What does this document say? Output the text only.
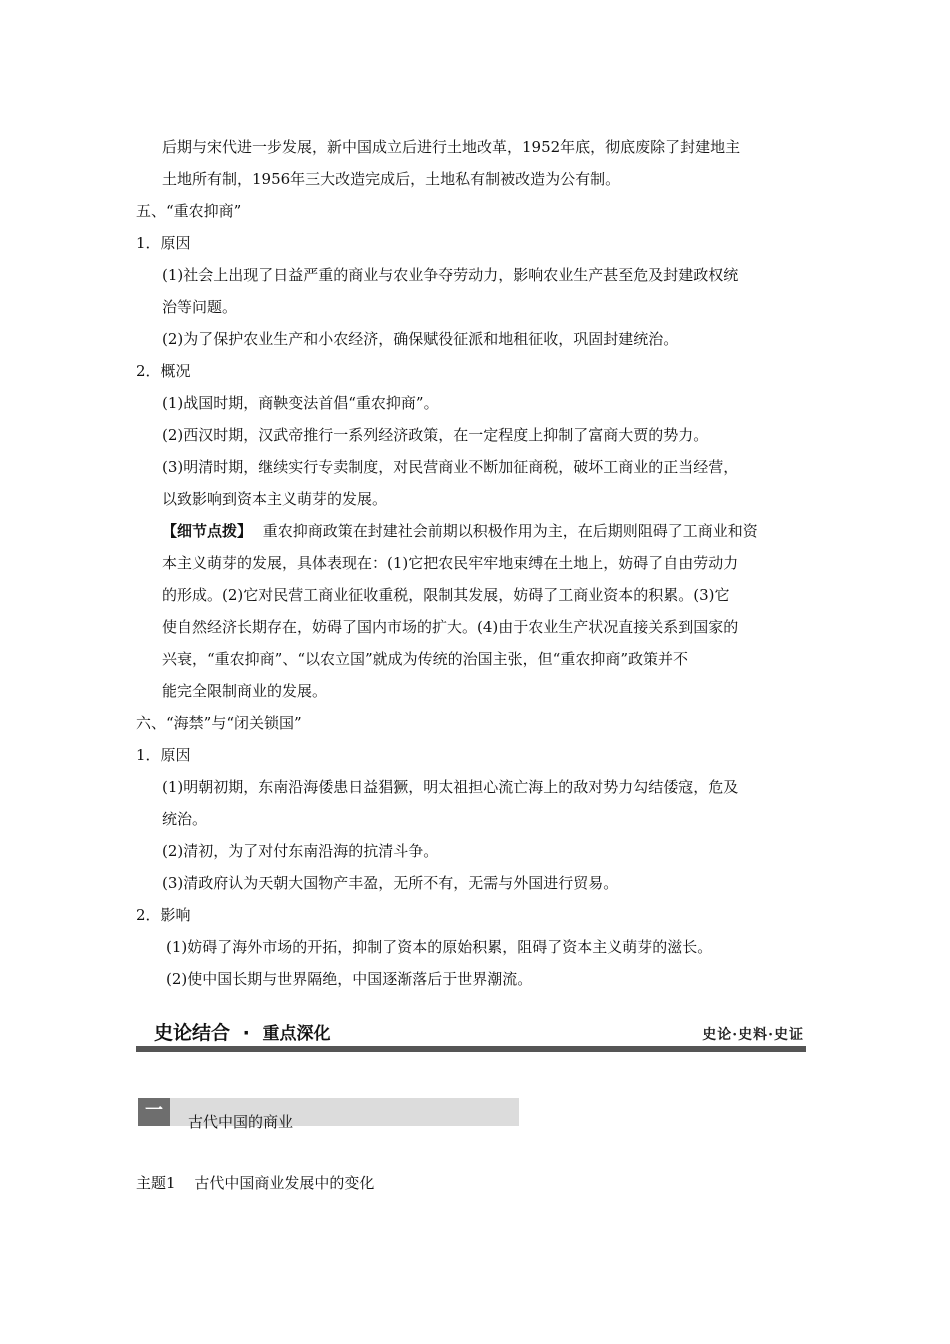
后期与宋代进一步发展，新中国成立后进行土地改革，1952年底，彻底废除了封建地主
土地所有制，1956年三大改造完成后，土地私有制被改造为公有制。
五、“重农抑商”
1．原因
(1)社会上出现了日益严重的商业与农业争夺劳动力，影响农业生产甚至危及封建政权统
治等问题。
(2)为了保护农业生产和小农经济，确保赋役征派和地租征收，巩固封建统治。
2．概况
(1)战国时期，商鞅变法首倡“重农抑商”。
(2)西汉时期，汉武帝推行一系列经济政策，在一定程度上抑制了富商大贾的势力。
(3)明清时期，继续实行专卖制度，对民营商业不断加征商税，破坏工商业的正当经营，
以致影响到资本主义萌芽的发展。
【细节点拨】 重农抑商政策在封建社会前期以积极作用为主，在后期则阻碍了工商业和资
本主义萌芽的发展，具体表现在：(1)它把农民牢牢地束缚在土地上，妨碍了自由劳动力
的形成。(2)它对民营工商业征收重税，限制其发展，妨碍了工商业资本的积累。(3)它
使自然经济长期存在，妨碍了国内市场的扩大。(4)由于农业生产状况直接关系到国家的
兴衰，“重农抑商”、“以农立国”就成为传统的治国主张，但“重农抑商”政策并不
能完全限制商业的发展。
六、“海禁”与“闭关锁国”
1．原因
(1)明朝初期，东南沿海倭患日益猖獗，明太祖担心流亡海上的敌对势力勾结倭寇，危及
统治。
(2)清初，为了对付东南沿海的抗清斗争。
(3)清政府认为天朝大国物产丰盈，无所不有，无需与外国进行贸易。
2．影响
(1)妨碍了海外市场的开拓，抑制了资本的原始积累，阻碍了资本主义萌芽的滋长。
(2)使中国长期与世界隔绝，中国逐渐落后于世界潮流。
史论结合 · 重点深化	史论·史料·史证
一
古代中国的商业
主题1 古代中国商业发展中的变化
